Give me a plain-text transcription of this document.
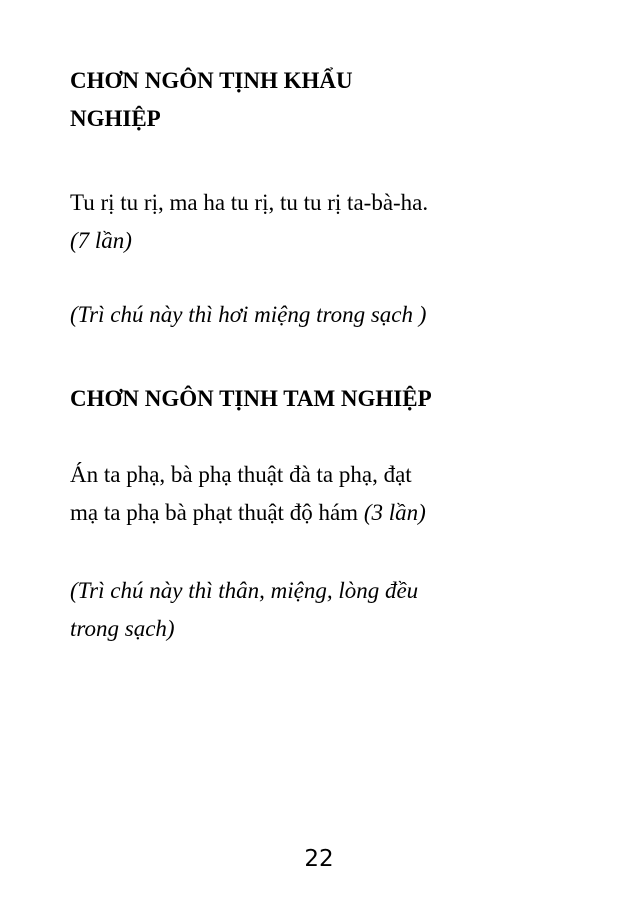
CHƠN NGÔN TỊNH KHẨU
NGHIỆP
Tu rị tu rị, ma ha tu rị, tu tu rị ta-bà-ha.
(7 lần)
(Trì chú này thì hơi miệng trong sạch )
CHƠN NGÔN TỊNH TAM NGHIỆP
Án ta phạ, bà phạ thuật đà ta phạ, đạt
mạ ta phạ bà phạt thuật độ hám (3 lần)
(Trì chú này thì thân, miệng, lòng đều
trong sạch)
22
